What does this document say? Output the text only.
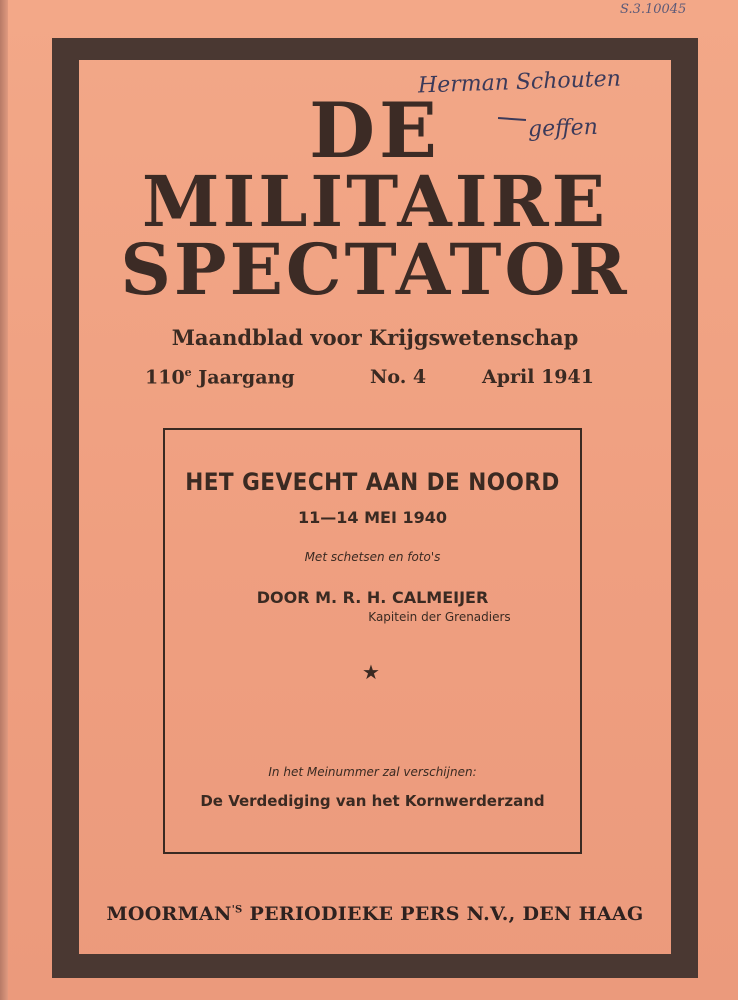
S.3.10045
Herman Schouten
geffen
DE
MILITAIRE
SPECTATOR
Maandblad voor Krijgswetenschap
110e Jaargang	No. 4	April 1941
HET GEVECHT AAN DE NOORD
11—14 MEI 1940
Met schetsen en foto's
DOOR M. R. H. CALMEIJER
Kapitein der Grenadiers
★
In het Meinummer zal verschijnen:
De Verdediging van het Kornwerderzand
$MOORMAN^{'S}$ PERIODIEKE PERS N.V., DEN HAAG
